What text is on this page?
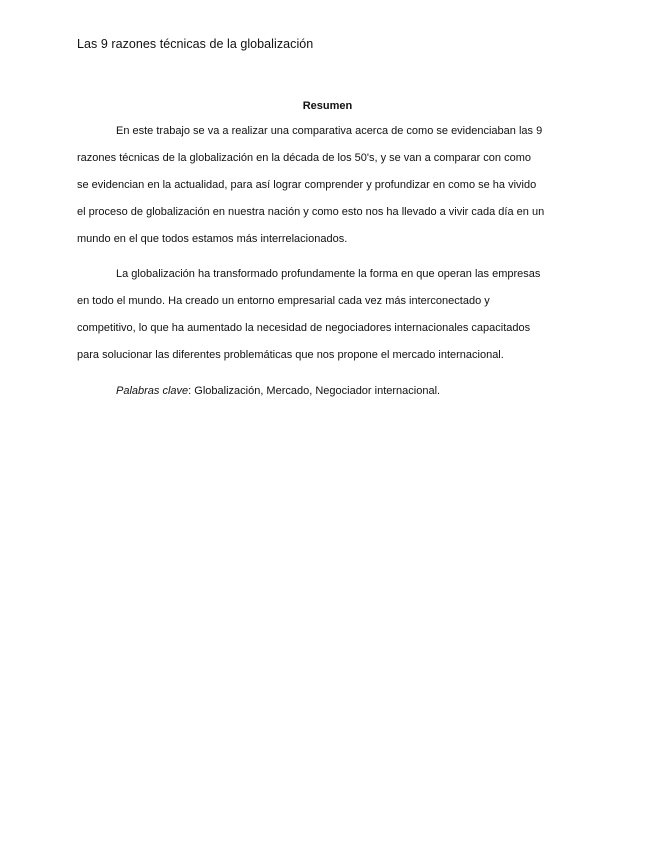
Las 9 razones técnicas de la globalización
Resumen
En este trabajo se va a realizar una comparativa acerca de como se evidenciaban las 9
razones técnicas de la globalización en la década de los 50's, y se van a comparar con como
se evidencian en la actualidad, para así lograr comprender y profundizar en como se ha vivido
el proceso de globalización en nuestra nación y como esto nos ha llevado a vivir cada día en un
mundo en el que todos estamos más interrelacionados.
La globalización ha transformado profundamente la forma en que operan las empresas
en todo el mundo. Ha creado un entorno empresarial cada vez más interconectado y
competitivo, lo que ha aumentado la necesidad de negociadores internacionales capacitados
para solucionar las diferentes problemáticas que nos propone el mercado internacional.
Palabras clave: Globalización, Mercado, Negociador internacional.
